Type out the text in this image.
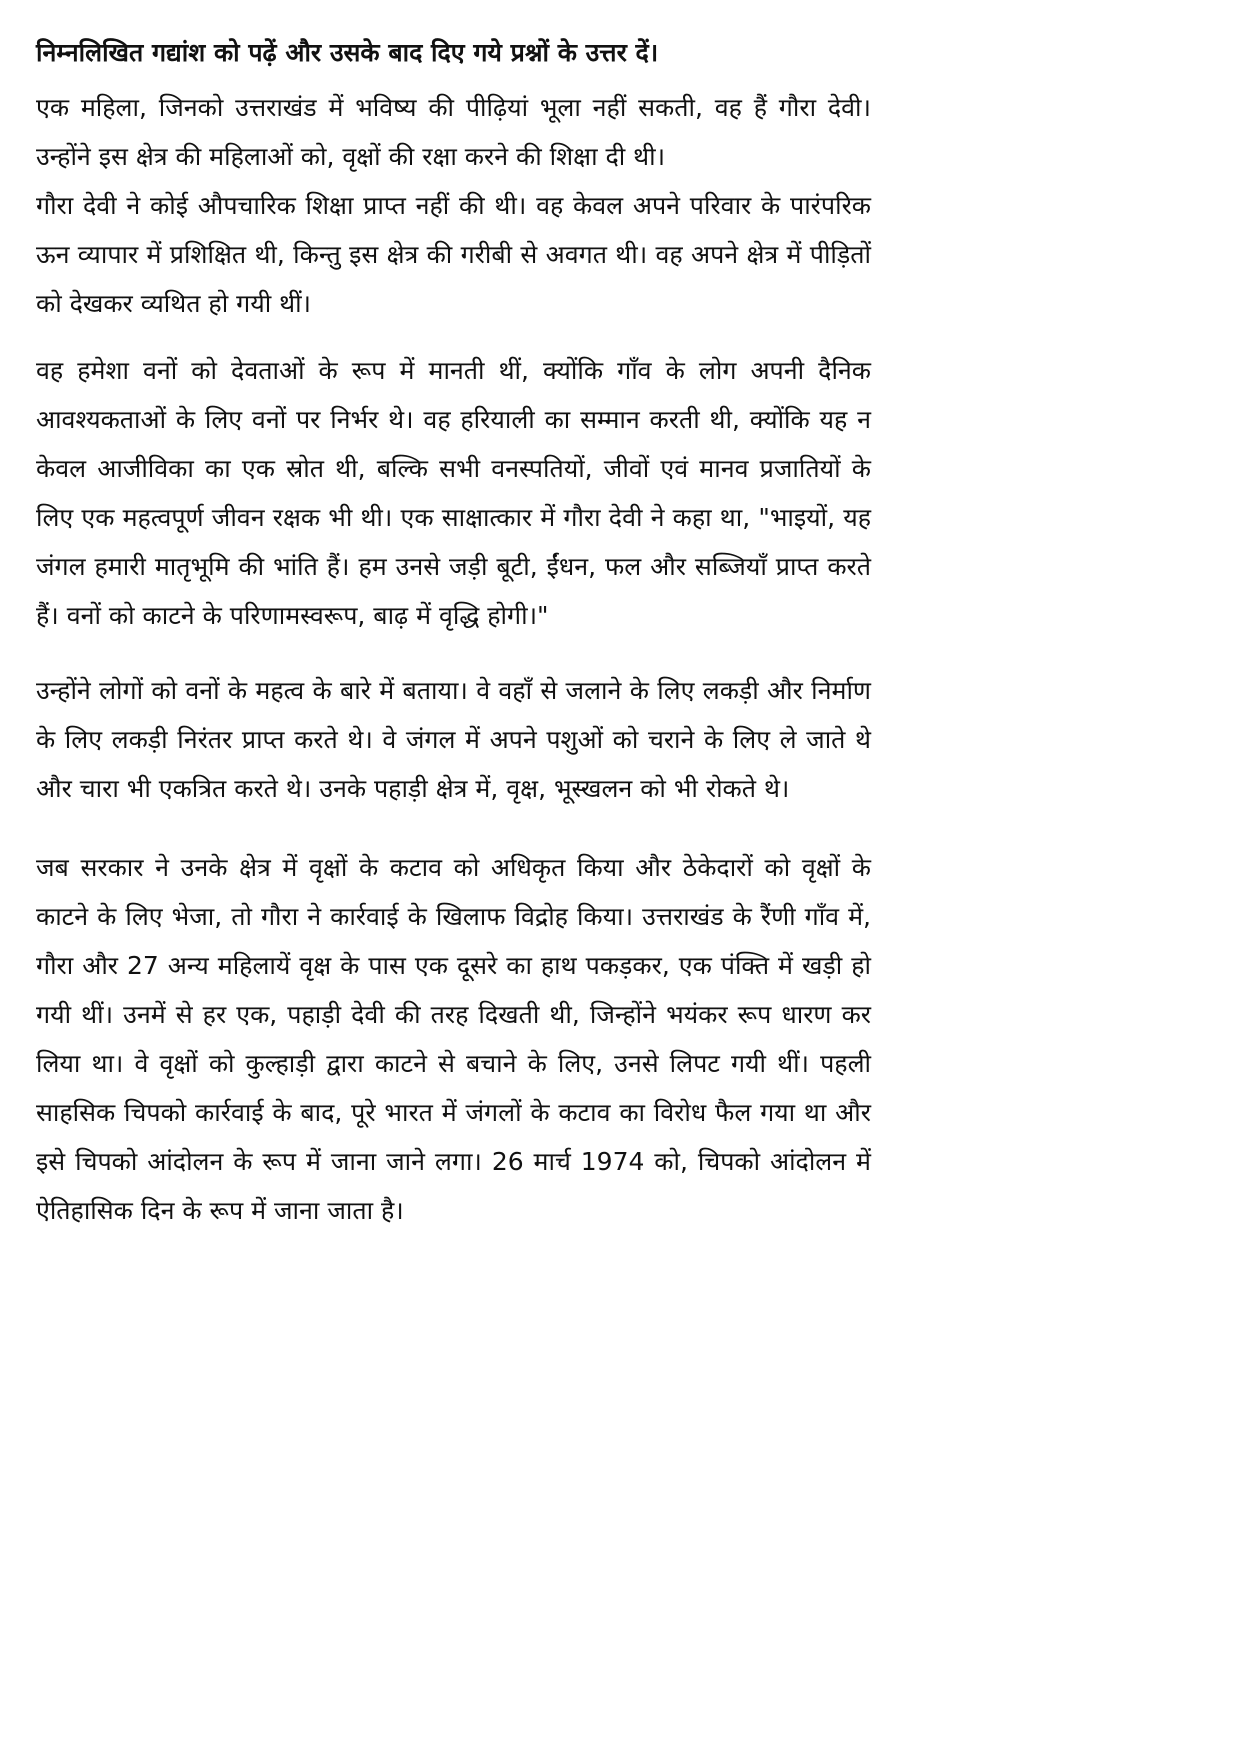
निम्नलिखित गद्यांश को पढ़ें और उसके बाद दिए गये प्रश्नों के उत्तर दें।

एक महिला, जिनको उत्तराखंड में भविष्य की पीढ़ियां भूला नहीं सकती, वह हैं गौरा देवी। उन्होंने इस क्षेत्र की महिलाओं को, वृक्षों की रक्षा करने की शिक्षा दी थी।

गौरा देवी ने कोई औपचारिक शिक्षा प्राप्त नहीं की थी। वह केवल अपने परिवार के पारंपरिक ऊन व्यापार में प्रशिक्षित थी, किन्तु इस क्षेत्र की गरीबी से अवगत थी। वह अपने क्षेत्र में पीड़ितों को देखकर व्यथित हो गयी थीं।

वह हमेशा वनों को देवताओं के रूप में मानती थीं, क्योंकि गाँव के लोग अपनी दैनिक आवश्यकताओं के लिए वनों पर निर्भर थे। वह हरियाली का सम्मान करती थी, क्योंकि यह न केवल आजीविका का एक स्रोत थी, बल्कि सभी वनस्पतियों, जीवों एवं मानव प्रजातियों के लिए एक महत्वपूर्ण जीवन रक्षक भी थी। एक साक्षात्कार में गौरा देवी ने कहा था, "भाइयों, यह जंगल हमारी मातृभूमि की भांति हैं। हम उनसे जड़ी बूटी, ईंधन, फल और सब्जियाँ प्राप्त करते हैं। वनों को काटने के परिणामस्वरूप, बाढ़ में वृद्धि होगी।"

उन्होंने लोगों को वनों के महत्व के बारे में बताया। वे वहाँ से जलाने के लिए लकड़ी और निर्माण के लिए लकड़ी निरंतर प्राप्त करते थे। वे जंगल में अपने पशुओं को चराने के लिए ले जाते थे और चारा भी एकत्रित करते थे। उनके पहाड़ी क्षेत्र में, वृक्ष, भूस्खलन को भी रोकते थे।

जब सरकार ने उनके क्षेत्र में वृक्षों के कटाव को अधिकृत किया और ठेकेदारों को वृक्षों के काटने के लिए भेजा, तो गौरा ने कार्रवाई के खिलाफ विद्रोह किया। उत्तराखंड के रैंणी गाँव में, गौरा और 27 अन्य महिलायें वृक्ष के पास एक दूसरे का हाथ पकड़कर, एक पंक्ति में खड़ी हो गयी थीं। उनमें से हर एक, पहाड़ी देवी की तरह दिखती थी, जिन्होंने भयंकर रूप धारण कर लिया था। वे वृक्षों को कुल्हाड़ी द्वारा काटने से बचाने के लिए, उनसे लिपट गयी थीं। पहली साहसिक चिपको कार्रवाई के बाद, पूरे भारत में जंगलों के कटाव का विरोध फैल गया था और इसे चिपको आंदोलन के रूप में जाना जाने लगा। 26 मार्च 1974 को, चिपको आंदोलन में ऐतिहासिक दिन के रूप में जाना जाता है।
